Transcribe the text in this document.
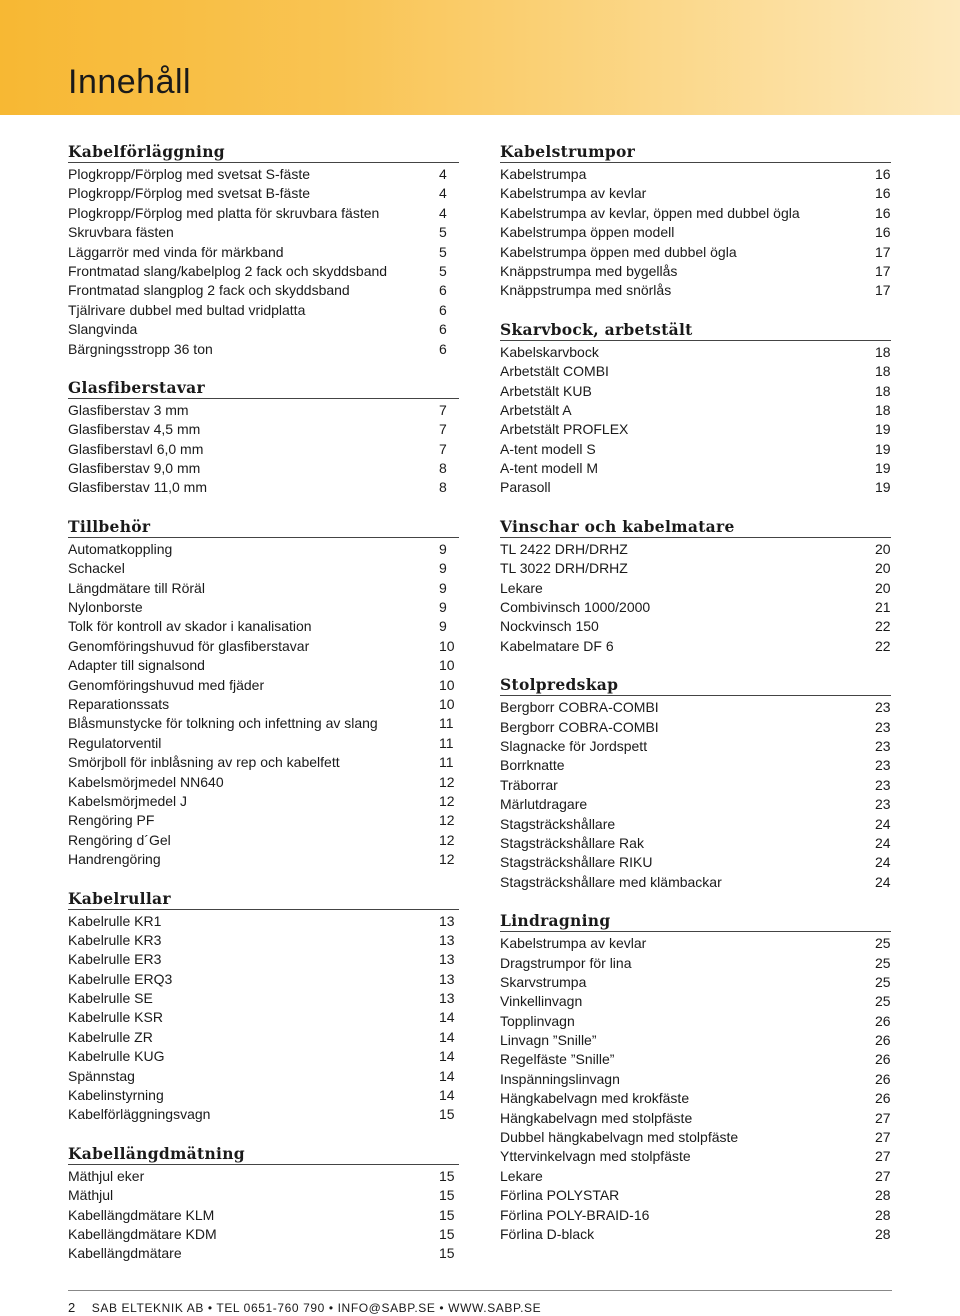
Innehåll
Kabelförläggning
Plogkropp/Förplog med svetsat S-fäste	4
Plogkropp/Förplog med svetsat B-fäste	4
Plogkropp/Förplog med platta för skruvbara fästen	4
Skruvbara fästen	5
Läggarrör med vinda för märkband	5
Frontmatad slang/kabelplog 2 fack och skyddsband	5
Frontmatad slangplog 2 fack och skyddsband	6
Tjälrivare dubbel med bultad vridplatta	6
Slangvinda	6
Bärgningsstropp 36 ton	6
Glasfiberstavar
Glasfiberstav 3 mm	7
Glasfiberstav 4,5 mm	7
Glasfiberstavl 6,0 mm	7
Glasfiberstav 9,0 mm	8
Glasfiberstav 11,0 mm	8
Tillbehör
Automatkoppling	9
Schackel	9
Längdmätare till Röräl	9
Nylonborste	9
Tolk för kontroll av skador i kanalisation	9
Genomföringshuvud för glasfiberstavar	10
Adapter till signalsond	10
Genomföringshuvud med fjäder	10
Reparationssats	10
Blåsmunstycke för tolkning och infettning av slang	11
Regulatorventil	11
Smörjboll för inblåsning av rep och kabelfett	11
Kabelsmörjmedel NN640	12
Kabelsmörjmedel J	12
Rengöring PF	12
Rengöring d´Gel	12
Handrengöring	12
Kabelrullar
Kabelrulle KR1	13
Kabelrulle KR3	13
Kabelrulle ER3	13
Kabelrulle ERQ3	13
Kabelrulle SE	13
Kabelrulle KSR	14
Kabelrulle ZR	14
Kabelrulle KUG	14
Spännstag	14
Kabelinstyrning	14
Kabelförläggningsvagn	15
Kabellängdmätning
Mäthjul eker	15
Mäthjul	15
Kabellängdmätare KLM	15
Kabellängdmätare KDM	15
Kabellängdmätare	15
Kabelstrumpor
Kabelstrumpa	16
Kabelstrumpa av kevlar	16
Kabelstrumpa av kevlar, öppen med dubbel ögla	16
Kabelstrumpa öppen modell	16
Kabelstrumpa öppen med dubbel ögla	17
Knäppstrumpa med bygellås	17
Knäppstrumpa med snörlås	17
Skarvbock, arbetstält
Kabelskarvbock	18
Arbetstält COMBI	18
Arbetstält KUB	18
Arbetstält A	18
Arbetstält PROFLEX	19
A-tent modell S	19
A-tent modell M	19
Parasoll	19
Vinschar och kabelmatare
TL 2422 DRH/DRHZ	20
TL 3022 DRH/DRHZ	20
Lekare	20
Combivinsch 1000/2000	21
Nockvinsch 150	22
Kabelmatare DF 6	22
Stolpredskap
Bergborr COBRA-COMBI	23
Bergborr COBRA-COMBI	23
Slagnacke för Jordspett	23
Borrknatte	23
Träborrar	23
Märlutdragare	23
Stagsträckshållare	24
Stagsträckshållare Rak	24
Stagsträckshållare RIKU	24
Stagsträckshållare med klämbackar	24
Lindragning
Kabelstrumpa av kevlar	25
Dragstrumpor för lina	25
Skarvstrumpa	25
Vinkellinvagn	25
Topplinvagn	26
Linvagn ”Snille”	26
Regelfäste ”Snille”	26
Inspänningslinvagn	26
Hängkabelvagn med krokfäste	26
Hängkabelvagn med stolpfäste	27
Dubbel hängkabelvagn med stolpfäste	27
Yttervinkelvagn med stolpfäste	27
Lekare	27
Förlina POLYSTAR	28
Förlina POLY-BRAID-16	28
Förlina D-black	28
2 SAB ELTEKNIK AB • TEL 0651-760 790 • INFO@SABP.SE • WWW.SABP.SE
